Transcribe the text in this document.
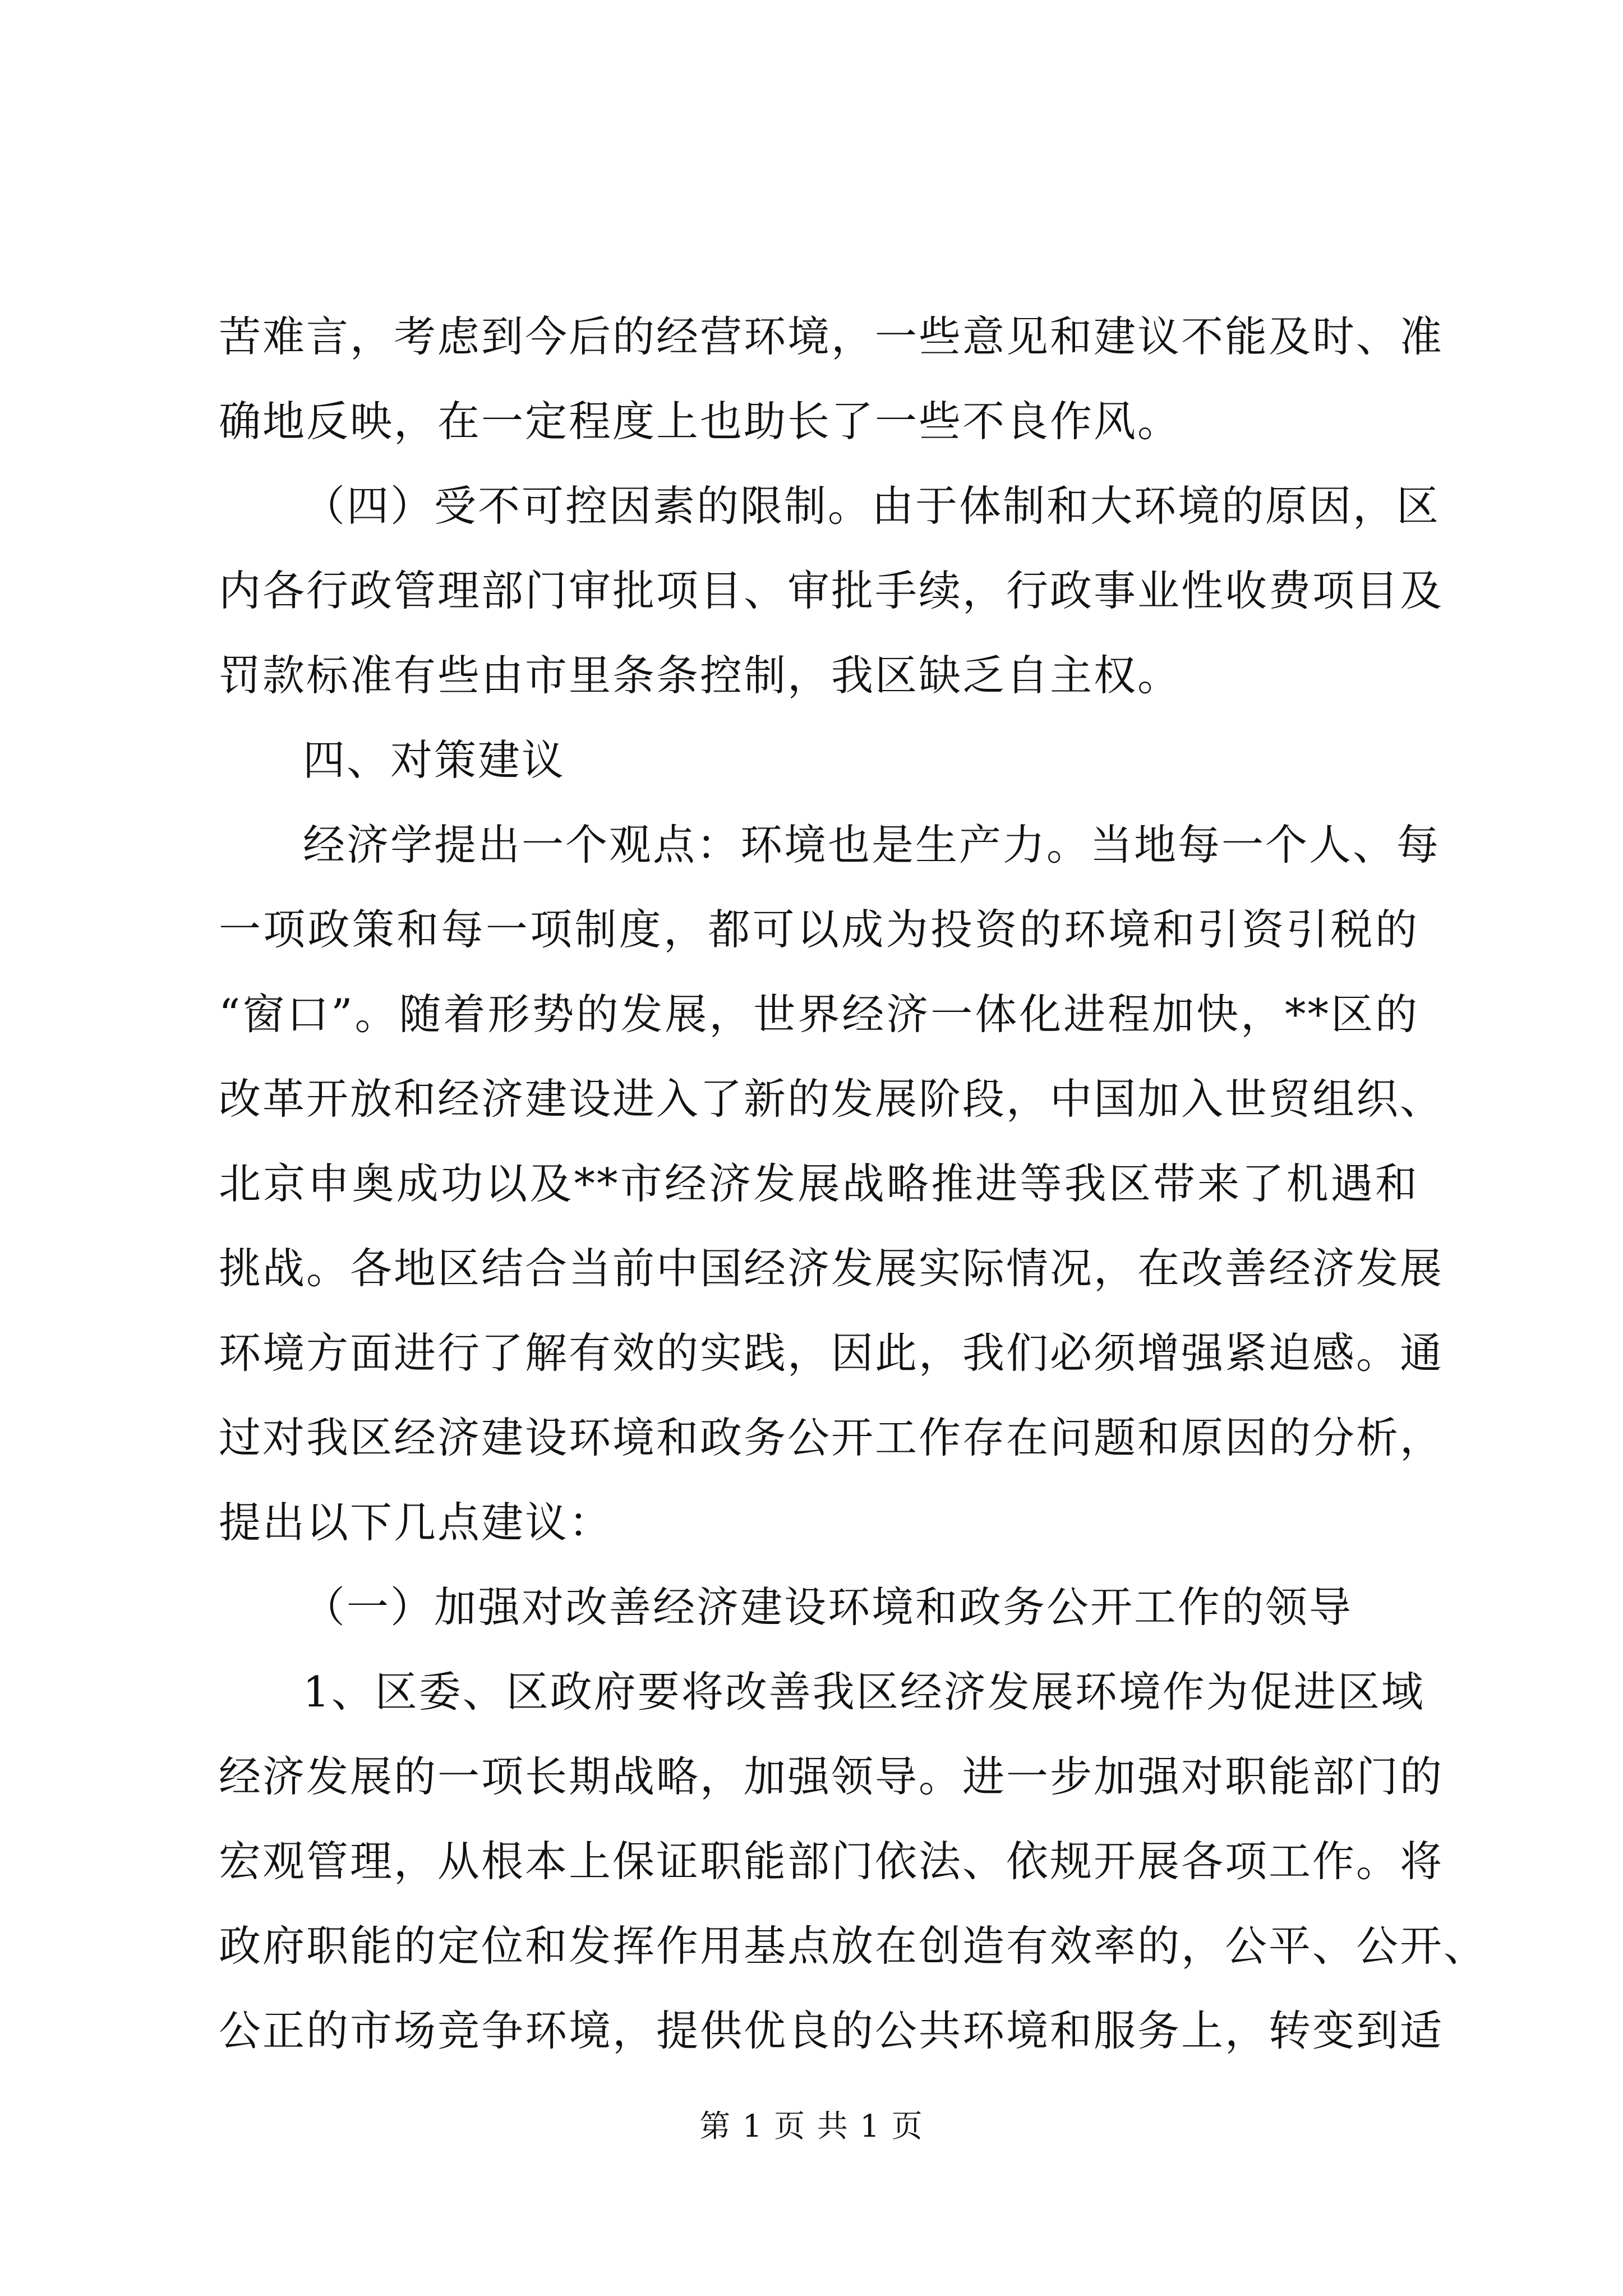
苦难言，考虑到今后的经营环境，一些意见和建议不能及时、准
确地反映，在一定程度上也助长了一些不良作风。
（四）受不可控因素的限制。由于体制和大环境的原因，区
内各行政管理部门审批项目、审批手续，行政事业性收费项目及
罚款标准有些由市里条条控制，我区缺乏自主权。
四、对策建议
经济学提出一个观点：环境也是生产力。当地每一个人、每
一项政策和每一项制度，都可以成为投资的环境和引资引税的
“窗口”。随着形势的发展，世界经济一体化进程加快，**区的
改革开放和经济建设进入了新的发展阶段，中国加入世贸组织、
北京申奥成功以及**市经济发展战略推进等我区带来了机遇和
挑战。各地区结合当前中国经济发展实际情况，在改善经济发展
环境方面进行了解有效的实践，因此，我们必须增强紧迫感。通
过对我区经济建设环境和政务公开工作存在问题和原因的分析，
提出以下几点建议：
（一）加强对改善经济建设环境和政务公开工作的领导
1、区委、区政府要将改善我区经济发展环境作为促进区域
经济发展的一项长期战略，加强领导。进一步加强对职能部门的
宏观管理，从根本上保证职能部门依法、依规开展各项工作。将
政府职能的定位和发挥作用基点放在创造有效率的，公平、公开、
公正的市场竞争环境，提供优良的公共环境和服务上，转变到适
第 1 页 共 1 页
